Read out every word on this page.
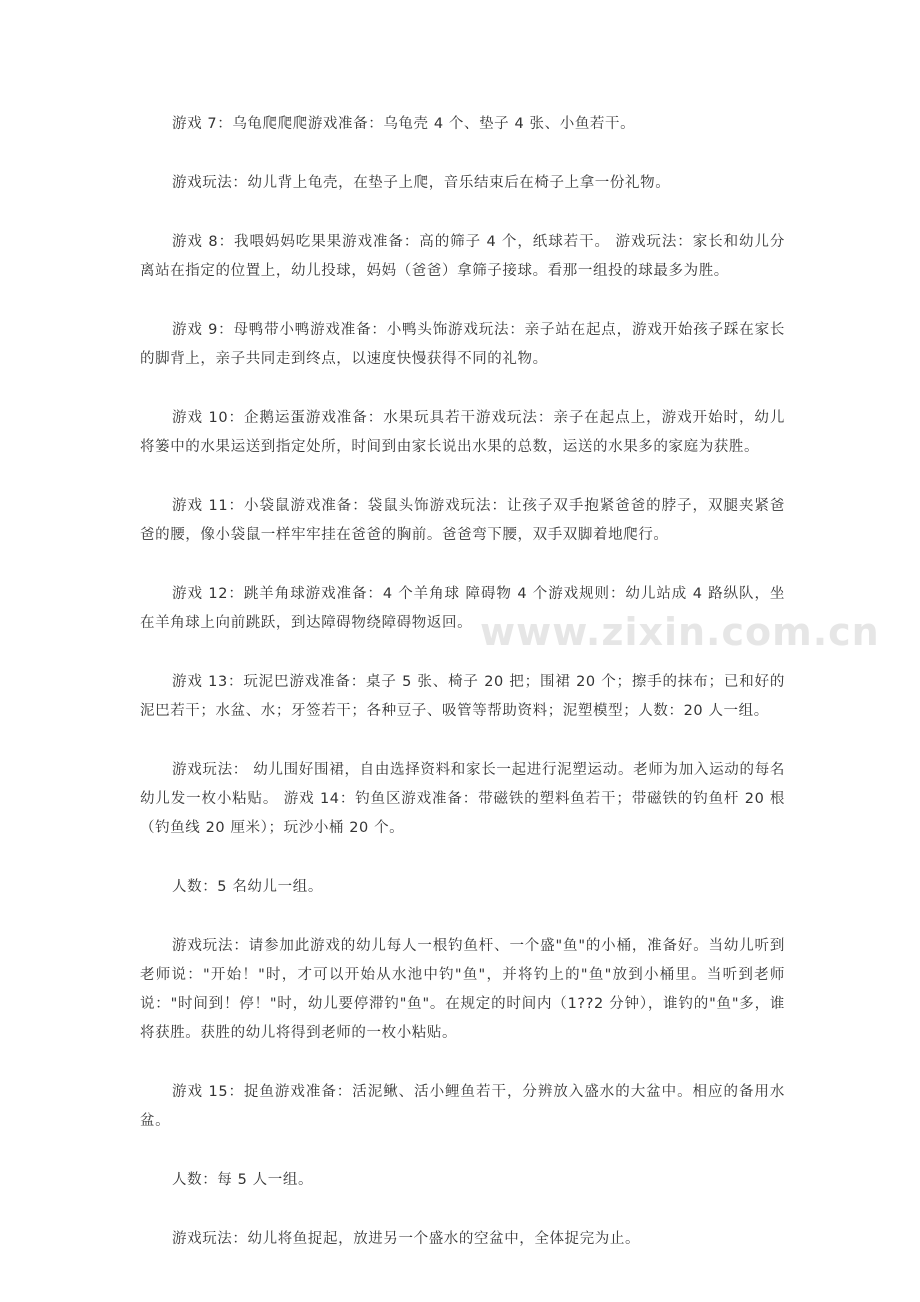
游戏 7：乌龟爬爬爬游戏准备：乌龟壳 4 个、垫子 4 张、小鱼若干。

游戏玩法：幼儿背上龟壳，在垫子上爬，音乐结束后在椅子上拿一份礼物。

游戏 8：我喂妈妈吃果果游戏准备：高的筛子 4 个，纸球若干。 游戏玩法：家长和幼儿分离站在指定的位置上，幼儿投球，妈妈（爸爸）拿筛子接球。看那一组投的球最多为胜。

游戏 9：母鸭带小鸭游戏准备：小鸭头饰游戏玩法：亲子站在起点，游戏开始孩子踩在家长的脚背上，亲子共同走到终点，以速度快慢获得不同的礼物。

游戏 10：企鹅运蛋游戏准备：水果玩具若干游戏玩法：亲子在起点上，游戏开始时，幼儿将篓中的水果运送到指定处所，时间到由家长说出水果的总数，运送的水果多的家庭为获胜。

游戏 11：小袋鼠游戏准备：袋鼠头饰游戏玩法：让孩子双手抱紧爸爸的脖子，双腿夹紧爸爸的腰，像小袋鼠一样牢牢挂在爸爸的胸前。爸爸弯下腰，双手双脚着地爬行。

游戏 12：跳羊角球游戏准备：4 个羊角球 障碍物 4 个游戏规则：幼儿站成 4 路纵队，坐在羊角球上向前跳跃，到达障碍物绕障碍物返回。

游戏 13：玩泥巴游戏准备：桌子 5 张、椅子 20 把；围裙 20 个；擦手的抹布；已和好的泥巴若干；水盆、水；牙签若干；各种豆子、吸管等帮助资料；泥塑模型；人数：20 人一组。

游戏玩法： 幼儿围好围裙，自由选择资料和家长一起进行泥塑运动。老师为加入运动的每名幼儿发一枚小粘贴。 游戏 14：钓鱼区游戏准备：带磁铁的塑料鱼若干；带磁铁的钓鱼杆 20 根（钓鱼线 20 厘米）；玩沙小桶 20 个。

人数：5 名幼儿一组。

游戏玩法：请参加此游戏的幼儿每人一根钓鱼杆、一个盛"鱼"的小桶，准备好。当幼儿听到老师说："开始！"时，才可以开始从水池中钓"鱼"，并将钓上的"鱼"放到小桶里。当听到老师说："时间到！停！"时，幼儿要停滞钓"鱼"。在规定的时间内（1??2 分钟），谁钓的"鱼"多，谁将获胜。获胜的幼儿将得到老师的一枚小粘贴。

游戏 15：捉鱼游戏准备：活泥鳅、活小鲤鱼若干，分辨放入盛水的大盆中。相应的备用水盆。

人数：每 5 人一组。

游戏玩法：幼儿将鱼捉起，放进另一个盛水的空盆中，全体捉完为止。

www.zixin.com.cn
